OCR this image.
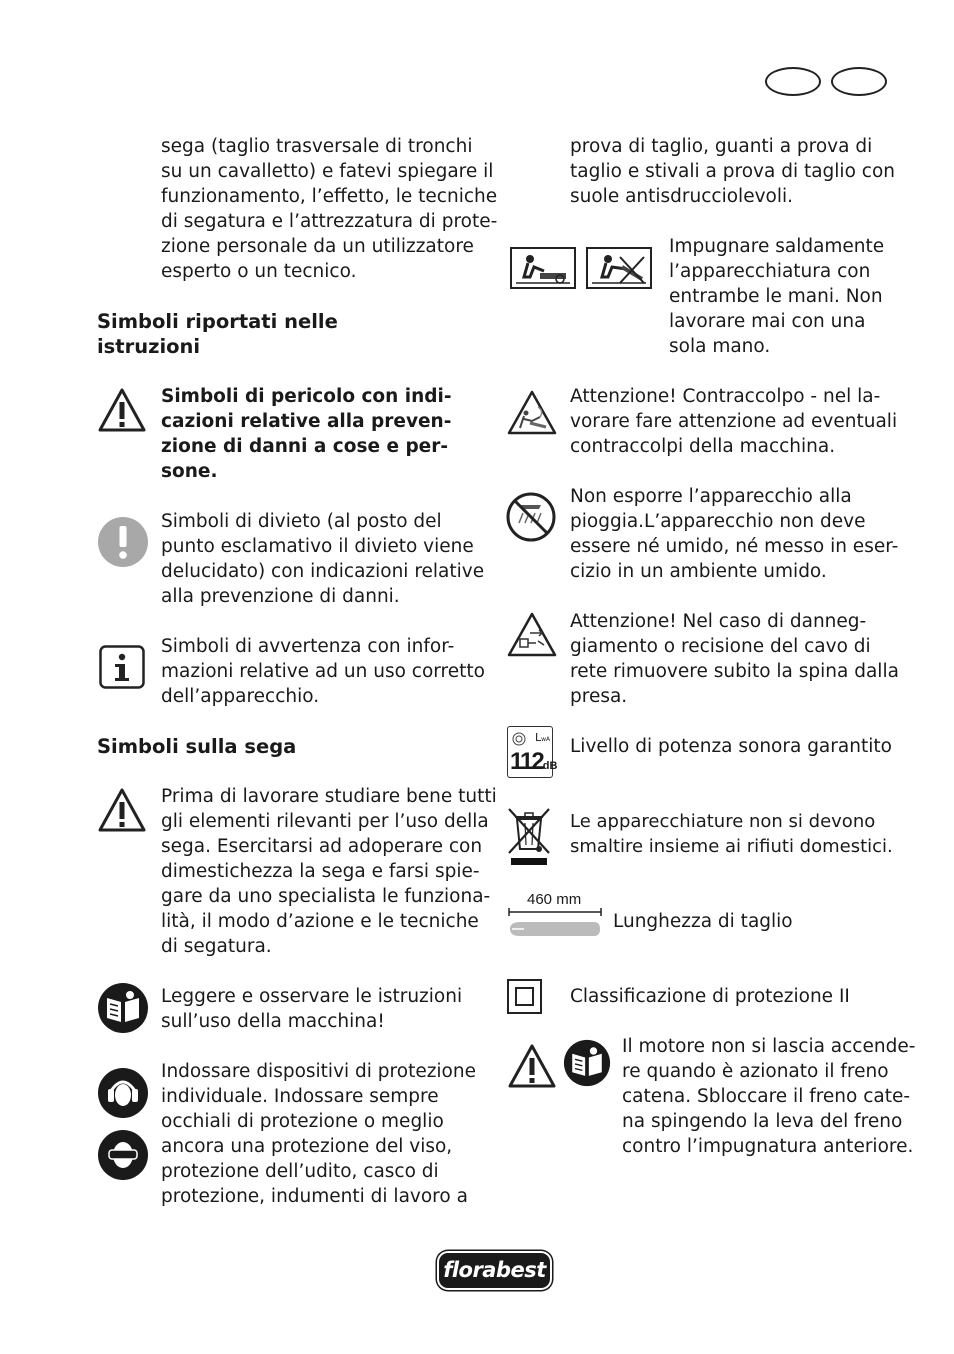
sega (taglio trasversale di tronchi
su un cavalletto) e fatevi spiegare il
funzionamento, l’effetto, le tecniche
di segatura e l’attrezzatura di prote-
zione personale da un utilizzatore
esperto o un tecnico.
Simboli riportati nelle
istruzioni
Simboli di pericolo con indi-
cazioni relative alla preven-
zione di danni a cose e per-
sone.
Simboli di divieto (al posto del
punto esclamativo il divieto viene
delucidato) con indicazioni relative
alla prevenzione di danni.
Simboli di avvertenza con infor-
mazioni relative ad un uso corretto
dell’apparecchio.
Simboli sulla sega
Prima di lavorare studiare bene tutti
gli elementi rilevanti per l’uso della
sega. Esercitarsi ad adoperare con
dimestichezza la sega e farsi spie-
gare da uno specialista le funziona-
lità, il modo d’azione e le tecniche
di segatura.
Leggere e osservare le istruzioni
sull’uso della macchina!
Indossare dispositivi di protezione
individuale. Indossare sempre
occhiali di protezione o meglio
ancora una protezione del viso,
protezione dell’udito, casco di
protezione, indumenti di lavoro a
prova di taglio, guanti a prova di
taglio e stivali a prova di taglio con
suole antisdrucciolevoli.
Impugnare saldamente
l’apparecchiatura con
entrambe le mani. Non
lavorare mai con una
sola mano.
Attenzione! Contraccolpo - nel la-
vorare fare attenzione ad eventuali
contraccolpi della macchina.
Non esporre l’apparecchio alla
pioggia.L’apparecchio non deve
essere né umido, né messo in eser-
cizio in un ambiente umido.
Attenzione! Nel caso di danneg-
giamento o recisione del cavo di
rete rimuovere subito la spina dalla
presa.
LwA
112dB
Livello di potenza sonora garantito
Le apparecchiature non si devono
smaltire insieme ai rifiuti domestici.
460 mm
Lunghezza di taglio
Classificazione di protezione II
Il motore non si lascia accende-
re quando è azionato il freno
catena. Sbloccare il freno cate-
na spingendo la leva del freno
contro l’impugnatura anteriore.
florabest
